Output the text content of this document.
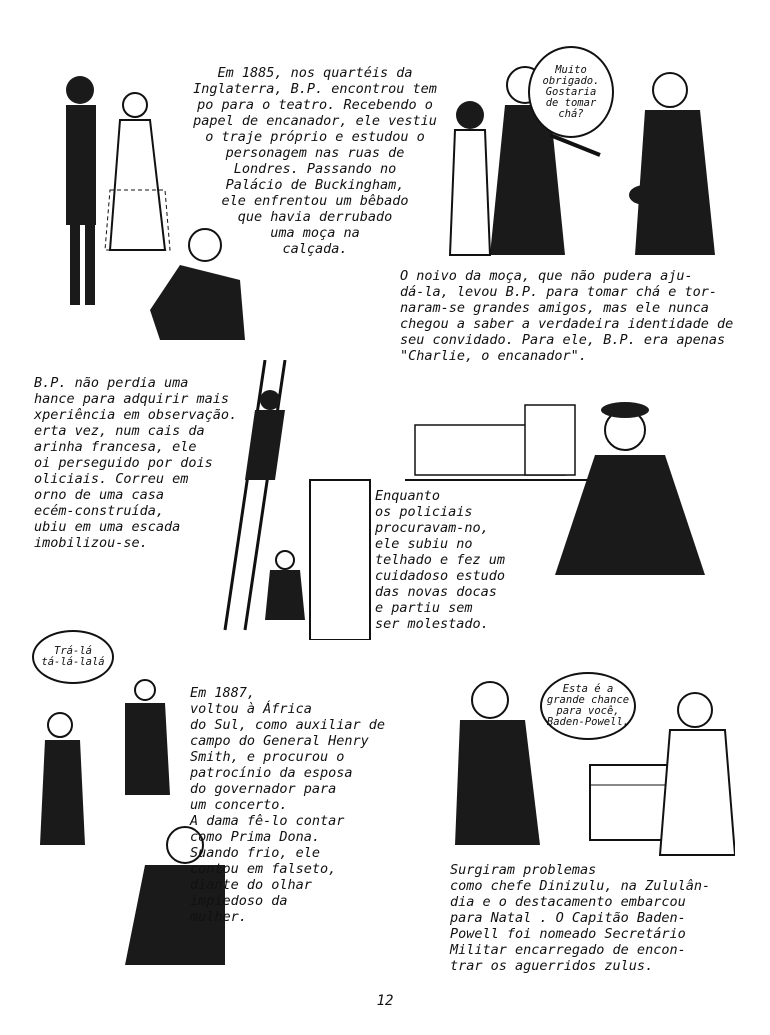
Em 1885, nos quartéis da
Inglaterra, B.P. encontrou tem
po para o teatro. Recebendo o
papel de encanador, ele vestiu
o traje próprio e estudou o
personagem nas ruas de
Londres. Passando no
Palácio de Buckingham,
ele enfrentou um bêbado
que havia derrubado
uma moça na
calçada.
Muito
obrigado.
Gostaria
de tomar
chá?
O noivo da moça, que não pudera aju-
dá-la, levou B.P. para tomar chá e tor-
naram-se grandes amigos, mas ele nunca
chegou a saber a verdadeira identidade de
seu convidado. Para ele, B.P. era apenas
"Charlie, o encanador".
B.P. não perdia uma
hance para adquirir mais
xperiência em observação.
erta vez, num cais da
arinha francesa, ele
oi perseguido por dois
oliciais. Correu em
orno de uma casa
ecém-construída,
ubiu em uma escada
imobilizou-se.
Enquanto
os policiais
procuravam-no,
ele subiu no
telhado e fez um
cuidadoso estudo
das novas docas
e partiu sem
ser molestado.
Trá-lá
tá-lá-lalá
Em 1887,
voltou à África
do Sul, como auxiliar de
campo do General Henry
Smith, e procurou o
patrocínio da esposa
do governador para
um concerto.
A dama fê-lo contar
como Prima Dona.
Suando frio, ele
contou em falseto,
diante do olhar
impiedoso da
mulher.
Esta é a
grande chance
para você,
Baden-Powell.
Surgiram problemas
como chefe Dinizulu, na Zululân-
dia e o destacamento embarcou
para Natal . O Capitão Baden-
Powell foi nomeado Secretário
Militar encarregado de encon-
trar os aguerridos zulus.
12
